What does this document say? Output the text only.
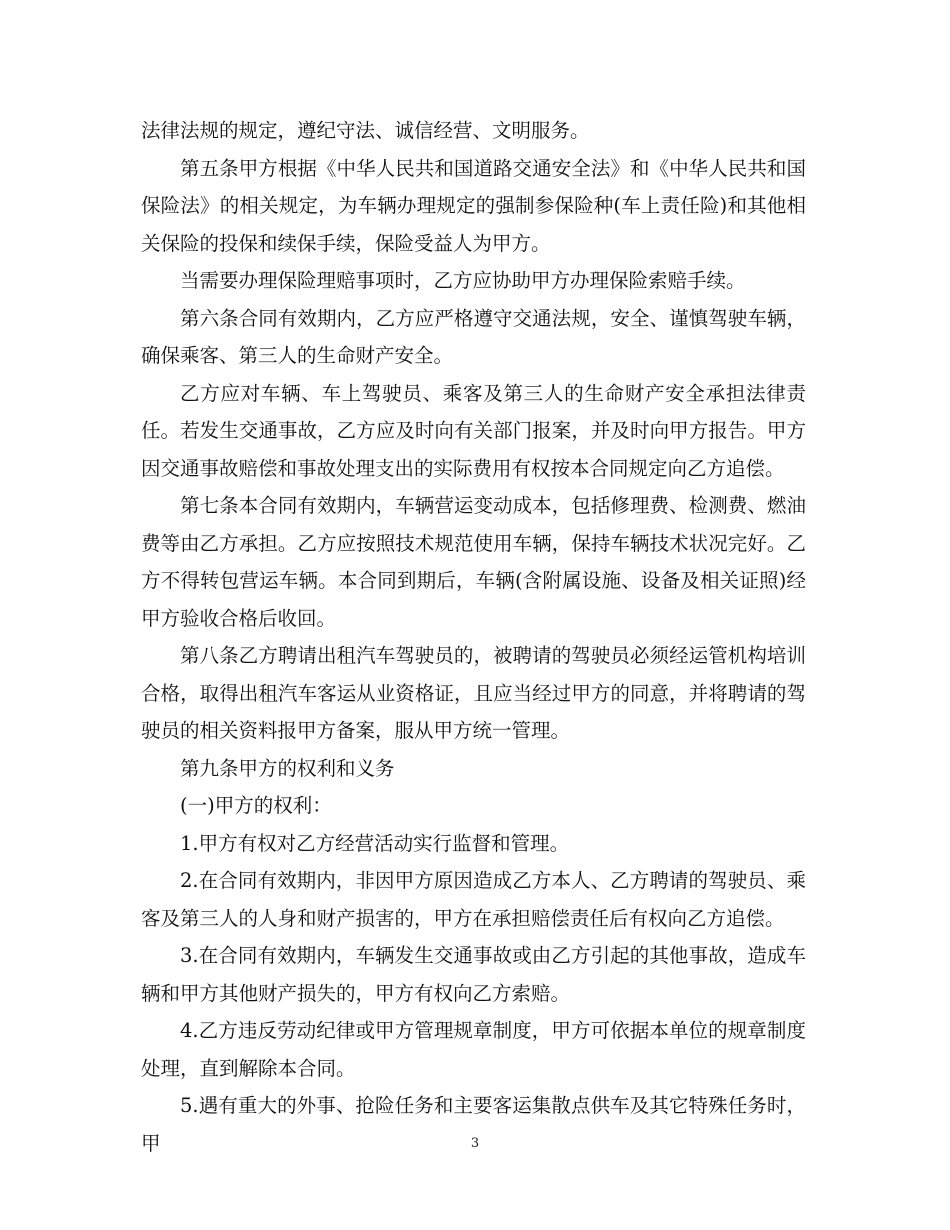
法律法规的规定，遵纪守法、诚信经营、文明服务。

第五条甲方根据《中华人民共和国道路交通安全法》和《中华人民共和国保险法》的相关规定，为车辆办理规定的强制参保险种(车上责任险)和其他相关保险的投保和续保手续，保险受益人为甲方。

当需要办理保险理赔事项时，乙方应协助甲方办理保险索赔手续。

第六条合同有效期内，乙方应严格遵守交通法规，安全、谨慎驾驶车辆，确保乘客、第三人的生命财产安全。

乙方应对车辆、车上驾驶员、乘客及第三人的生命财产安全承担法律责任。若发生交通事故，乙方应及时向有关部门报案，并及时向甲方报告。甲方因交通事故赔偿和事故处理支出的实际费用有权按本合同规定向乙方追偿。

第七条本合同有效期内，车辆营运变动成本，包括修理费、检测费、燃油费等由乙方承担。乙方应按照技术规范使用车辆，保持车辆技术状况完好。乙方不得转包营运车辆。本合同到期后，车辆(含附属设施、设备及相关证照)经甲方验收合格后收回。

第八条乙方聘请出租汽车驾驶员的，被聘请的驾驶员必须经运管机构培训合格，取得出租汽车客运从业资格证，且应当经过甲方的同意，并将聘请的驾驶员的相关资料报甲方备案，服从甲方统一管理。

第九条甲方的权利和义务

(一)甲方的权利：

1.甲方有权对乙方经营活动实行监督和管理。

2.在合同有效期内，非因甲方原因造成乙方本人、乙方聘请的驾驶员、乘客及第三人的人身和财产损害的，甲方在承担赔偿责任后有权向乙方追偿。

3.在合同有效期内，车辆发生交通事故或由乙方引起的其他事故，造成车辆和甲方其他财产损失的，甲方有权向乙方索赔。

4.乙方违反劳动纪律或甲方管理规章制度，甲方可依据本单位的规章制度处理，直到解除本合同。

5.遇有重大的外事、抢险任务和主要客运集散点供车及其它特殊任务时，甲	3
